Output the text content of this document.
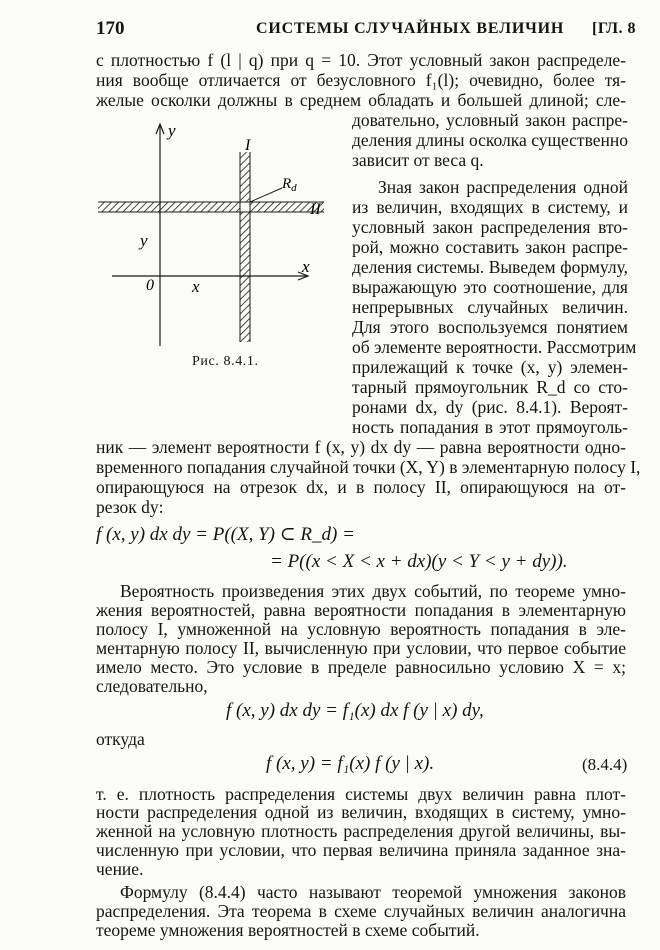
170	СИСТЕМЫ СЛУЧАЙНЫХ ВЕЛИЧИН [ГЛ. 8
с плотностью f (l | q) при q = 10. Этот условный закон распределе-
ния вообще отличается от безусловного f₁(l); очевидно, более тя-
желые осколки должны в среднем обладать и большей длиной; сле-
y
x
0 x
y
I
II
$R_d$
Рис. 8.4.1.
довательно, условный закон распре-
деления длины осколка существенно
зависит от веса q.
Зная закон распределения одной
из величин, входящих в систему, и
условный закон распределения вто-
рой, можно составить закон распре-
деления системы. Выведем формулу,
выражающую это соотношение, для
непрерывных случайных величин.
Для этого воспользуемся понятием
об элементе вероятности. Рассмотрим
прилежащий к точке (x, y) элемен-
тарный прямоугольник R_d со сто-
ронами dx, dy (рис. 8.4.1). Вероят-
ность попадания в этот прямоуголь-
ник — элемент вероятности f (x, y) dx dy — равна вероятности одно-
временного попадания случайной точки (X, Y) в элементарную полосу I,
опирающуюся на отрезок dx, и в полосу II, опирающуюся на от-
резок dy:
f (x, y) dx dy = P((X, Y) ⊂ R_d) =
= P((x < X < x + dx)(y < Y < y + dy)).
Вероятность произведения этих двух событий, по теореме умно-
жения вероятностей, равна вероятности попадания в элементарную
полосу I, умноженной на условную вероятность попадания в эле-
ментарную полосу II, вычисленную при условии, что первое событие
имело место. Это условие в пределе равносильно условию X = x;
следовательно,
f (x, y) dx dy = f₁(x) dx f (y | x) dy,
откуда
f (x, y) = f₁(x) f (y | x).	(8.4.4)
т. е. плотность распределения системы двух величин равна плот-
ности распределения одной из величин, входящих в систему, умно-
женной на условную плотность распределения другой величины, вы-
численную при условии, что первая величина приняла заданное зна-
чение.
Формулу (8.4.4) часто называют теоремой умножения законов
распределения. Эта теорема в схеме случайных величин аналогична
теореме умножения вероятностей в схеме событий.
